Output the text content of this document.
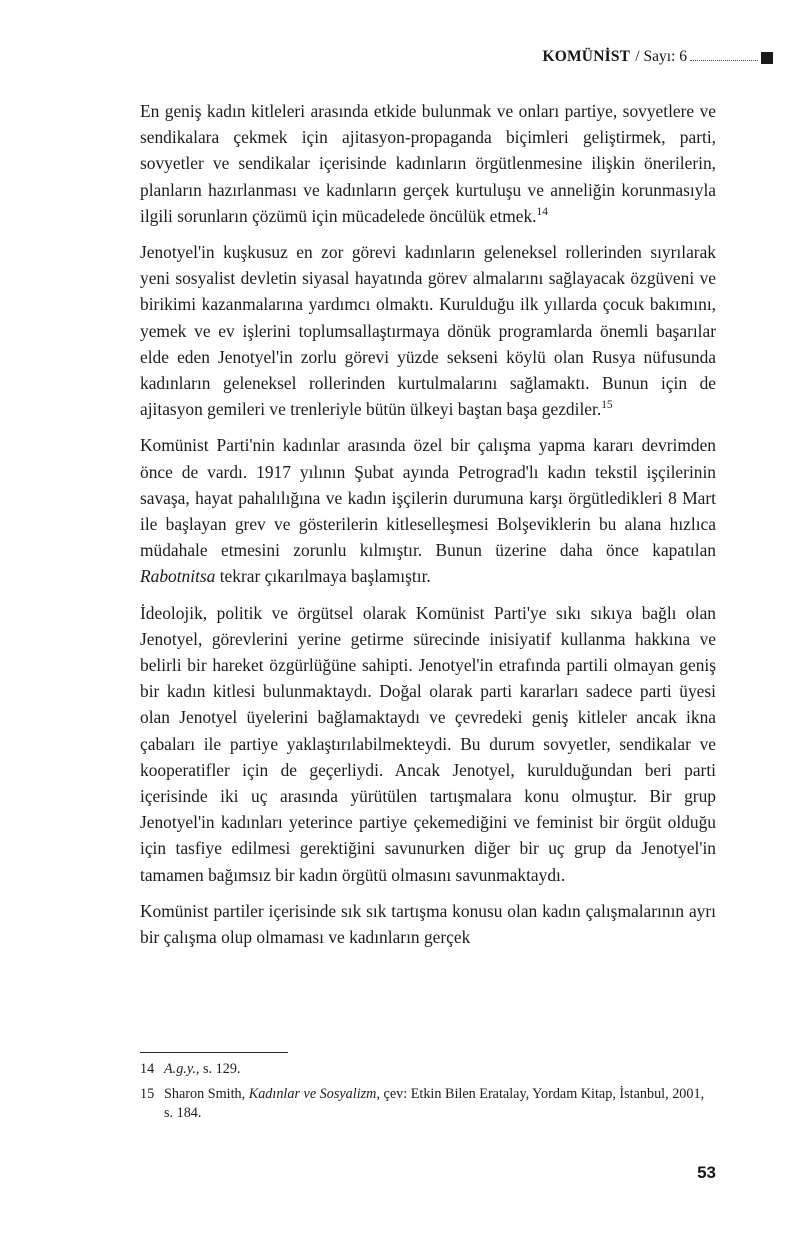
KOMÜNİST / Sayı: 6

En geniş kadın kitleleri arasında etkide bulunmak ve onları partiye, sovyetlere ve sendikalara çekmek için ajitasyon-propaganda biçimleri geliştirmek, parti, sovyetler ve sendikalar içerisinde kadınların örgütlenmesine ilişkin önerilerin, planların hazırlanması ve kadınların gerçek kurtuluşu ve anneliğin korunmasıyla ilgili sorunların çözümü için mücadelede öncülük etmek.$^{14}$

Jenotyel'in kuşkusuz en zor görevi kadınların geleneksel rollerinden sıyrılarak yeni sosyalist devletin siyasal hayatında görev almalarını sağlayacak özgüveni ve birikimi kazanmalarına yardımcı olmaktı. Kurulduğu ilk yıllarda çocuk bakımını, yemek ve ev işlerini toplumsallaştırmaya dönük programlarda önemli başarılar elde eden Jenotyel'in zorlu görevi yüzde sekseni köylü olan Rusya nüfusunda kadınların geleneksel rollerinden kurtulmalarını sağlamaktı. Bunun için de ajitasyon gemileri ve trenleriyle bütün ülkeyi baştan başa gezdiler.$^{15}$

Komünist Parti'nin kadınlar arasında özel bir çalışma yapma kararı devrimden önce de vardı. 1917 yılının Şubat ayında Petrograd'lı kadın tekstil işçilerinin savaşa, hayat pahalılığına ve kadın işçilerin durumuna karşı örgütledikleri 8 Mart ile başlayan grev ve gösterilerin kitleselleşmesi Bolşeviklerin bu alana hızlıca müdahale etmesini zorunlu kılmıştır. Bunun üzerine daha önce kapatılan Rabotnitsa tekrar çıkarılmaya başlamıştır.

İdeolojik, politik ve örgütsel olarak Komünist Parti'ye sıkı sıkıya bağlı olan Jenotyel, görevlerini yerine getirme sürecinde inisiyatif kullanma hakkına ve belirli bir hareket özgürlüğüne sahipti. Jenotyel'in etrafında partili olmayan geniş bir kadın kitlesi bulunmaktaydı. Doğal olarak parti kararları sadece parti üyesi olan Jenotyel üyelerini bağlamaktaydı ve çevredeki geniş kitleler ancak ikna çabaları ile partiye yaklaştırılabilmekteydi. Bu durum sovyetler, sendikalar ve kooperatifler için de geçerliydi. Ancak Jenotyel, kurulduğundan beri parti içerisinde iki uç arasında yürütülen tartışmalara konu olmuştur. Bir grup Jenotyel'in kadınları yeterince partiye çekemediğini ve feminist bir örgüt olduğu için tasfiye edilmesi gerektiğini savunurken diğer bir uç grup da Jenotyel'in tamamen bağımsız bir kadın örgütü olmasını savunmaktaydı.

Komünist partiler içerisinde sık sık tartışma konusu olan kadın çalışmalarının ayrı bir çalışma olup olmaması ve kadınların gerçek

14 A.g.y., s. 129.
15 Sharon Smith, Kadınlar ve Sosyalizm, çev: Etkin Bilen Eratalay, Yordam Kitap, İstanbul, 2001, s. 184.
53
